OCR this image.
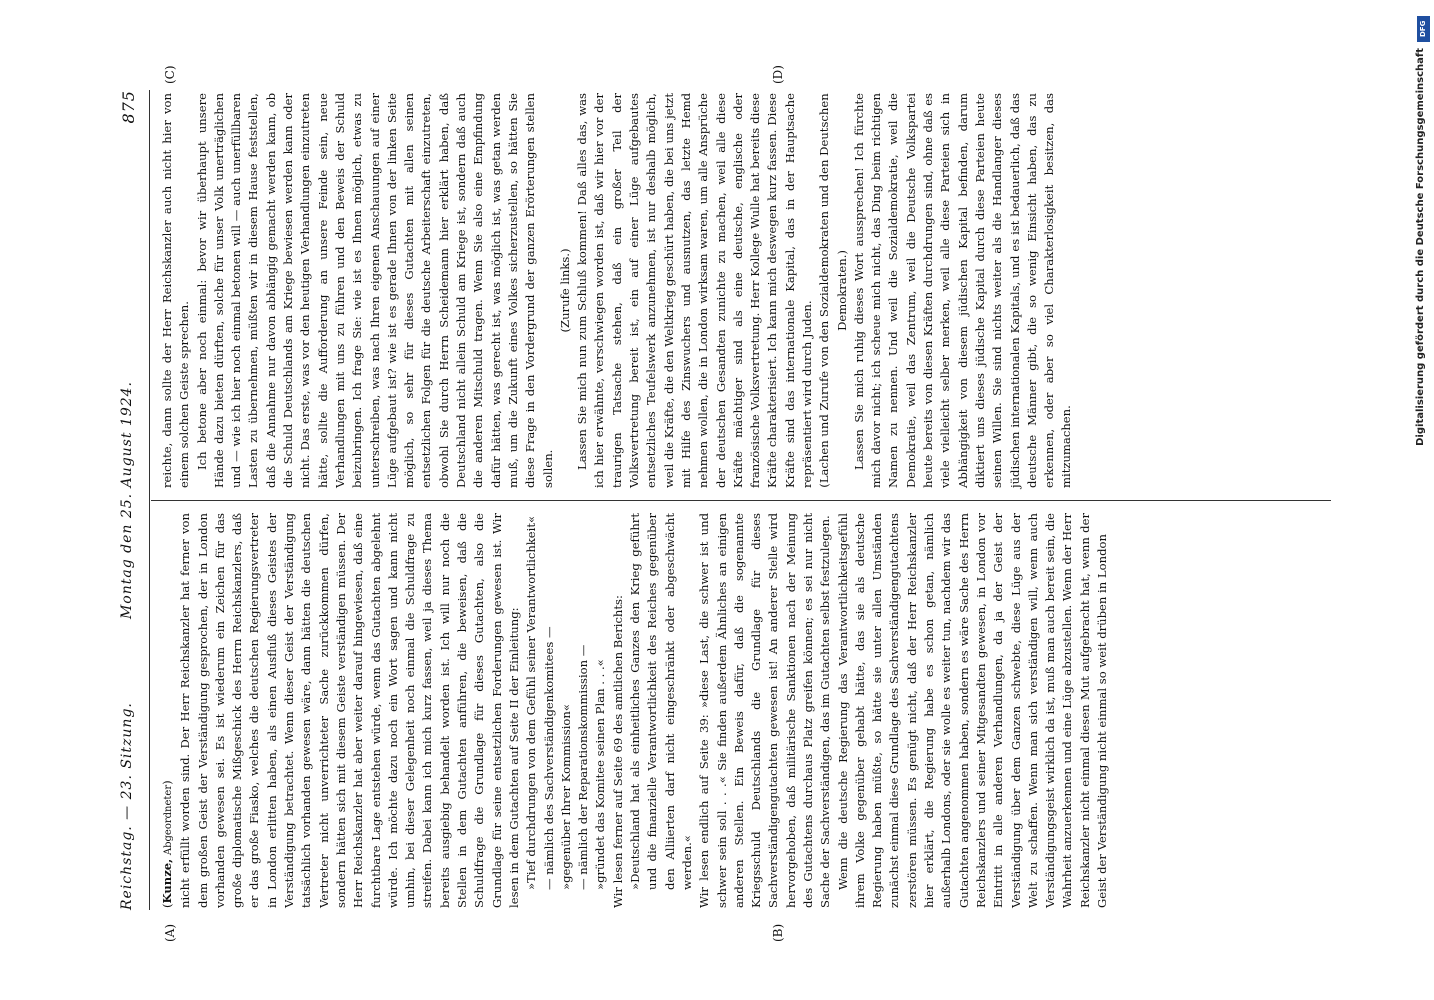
Reichstag. — 23. Sitzung.
Montag den 25. August 1924.
875
(A)	(B)
(C)	(D)

(Kunze, Abgeordneter) nicht erfüllt worden sind. Der Herr Reichskanzler hat ferner von dem großen Geist der Verständigung gesprochen, der in London vorhanden gewesen sei. Es ist wiederum ein Zeichen für das große diplomatische Mißgeschick des Herrn Reichskanzlers, daß er das große Fiasko, welches die deutschen Regierungsvertreter in London erlitten haben, als einen Ausfluß dieses Geistes der Verständigung betrachtet. Wenn dieser Geist der Verständigung tatsächlich vorhanden gewesen wäre, dann hätten die deutschen Vertreter nicht unverrichteter Sache zurückkommen dürfen, sondern hätten sich mit diesem Geiste verständigen müssen. Der Herr Reichskanzler hat aber weiter darauf hingewiesen, daß eine furchtbare Lage entstehen würde, wenn das Gutachten abgelehnt würde. Ich möchte dazu noch ein Wort sagen und kann nicht umhin, bei dieser Gelegenheit noch einmal die Schuldfrage zu streifen. Dabei kann ich mich kurz fassen, weil ja dieses Thema bereits ausgiebig behandelt worden ist. Ich will nur noch die Stellen in dem Gutachten anführen, die beweisen, daß die Schuldfrage die Grundlage für dieses Gutachten, also die Grundlage für seine entsetzlichen Forderungen gewesen ist. Wir lesen in dem Gutachten auf Seite II der Einleitung: »Tief durchdrungen von dem Gefühl seiner Verantwortlichkeit« — nämlich des Sachverständigenkomitees — »gegenüber Ihrer Kommission« — nämlich der Reparationskommission — »gründet das Komitee seinen Plan . . .« Wir lesen ferner auf Seite 69 des amtlichen Berichts: »Deutschland hat als einheitliches Ganzes den Krieg geführt und die finanzielle Verantwortlichkeit des Reiches gegenüber den Alliierten darf nicht eingeschränkt oder abgeschwächt werden.« Wir lesen endlich auf Seite 39: »diese Last, die schwer ist und schwer sein soll . . .« Sie finden außerdem Ähnliches an einigen anderen Stellen. Ein Beweis dafür, daß die sogenannte Kriegsschuld Deutschlands die Grundlage für dieses Sachverständigengutachten gewesen ist! An anderer Stelle wird hervorgehoben, daß militärische Sanktionen nach der Meinung des Gutachtens durchaus Platz greifen können; es sei nur nicht Sache der Sachverständigen, das im Gutachten selbst festzulegen. Wenn die deutsche Regierung das Verantwortlichkeitsgefühl ihrem Volke gegenüber gehabt hätte, das sie als deutsche Regierung haben müßte, so hätte sie unter allen Umständen zunächst einmal diese Grundlage des Sachverständigengutachtens zerstören müssen. Es genügt nicht, daß der Herr Reichskanzler hier erklärt, die Regierung habe es schon getan, nämlich außerhalb Londons, oder sie wolle es weiter tun, nachdem wir das Gutachten angenommen haben, sondern es wäre Sache des Herrn Reichskanzlers und seiner Mitgesandten gewesen, in London vor Eintritt in alle anderen Verhandlungen, da ja der Geist der Verständigung über dem Ganzen schwebte, diese Lüge aus der Welt zu schaffen. Wenn man sich verständigen will, wenn auch Verständigungsgeist wirklich da ist, muß man auch bereit sein, die Wahrheit anzuerkennen und eine Lüge abzustellen. Wenn der Herr Reichskanzler nicht einmal diesen Mut aufgebracht hat, wenn der Geist der Verständigung nicht einmal so weit drüben in London

reichte, dann sollte der Herr Reichskanzler auch nicht hier von einem solchen Geiste sprechen. Ich betone aber noch einmal: bevor wir überhaupt unsere Hände dazu bieten dürften, solche für unser Volk unerträglichen und — wie ich hier noch einmal betonen will — auch unerfüllbaren Lasten zu übernehmen, müßten wir in diesem Hause feststellen, daß die Annahme nur davon abhängig gemacht werden kann, ob die Schuld Deutschlands am Kriege bewiesen werden kann oder nicht. Das erste, was vor den heutigen Verhandlungen einzutreten hätte, sollte die Aufforderung an unsere Feinde sein, neue Verhandlungen mit uns zu führen und den Beweis der Schuld beizubringen. Ich frage Sie: wie ist es Ihnen möglich, etwas zu unterschreiben, was nach Ihren eigenen Anschauungen auf einer Lüge aufgebaut ist? wie ist es gerade Ihnen von der linken Seite möglich, so sehr für dieses Gutachten mit allen seinen entsetzlichen Folgen für die deutsche Arbeiterschaft einzutreten, obwohl Sie durch Herrn Scheidemann hier erklärt haben, daß Deutschland nicht allein Schuld am Kriege ist, sondern daß auch die anderen Mitschuld tragen. Wenn Sie also eine Empfindung dafür hätten, was gerecht ist, was möglich ist, was getan werden muß, um die Zukunft eines Volkes sicherzustellen, so hätten Sie diese Frage in den Vordergrund der ganzen Erörterungen stellen sollen.

(Zurufe links.) Lassen Sie mich nun zum Schluß kommen! Daß alles das, was ich hier erwähnte, verschwiegen worden ist, daß wir hier vor der traurigen Tatsache stehen, daß ein großer Teil der Volksvertretung bereit ist, ein auf einer Lüge aufgebautes entsetzliches Teufelswerk anzunehmen, ist nur deshalb möglich, weil die Kräfte, die den Weltkrieg geschürt haben, die bei uns jetzt mit Hilfe des Zinswuchers und ausnutzen, das letzte Hemd nehmen wollen, die in London wirksam waren, um alle Ansprüche der deutschen Gesandten zunichte zu machen, weil alle diese Kräfte mächtiger sind als eine deutsche, englische oder französische Volksvertretung. Herr Kollege Wulle hat bereits diese Kräfte charakterisiert. Ich kann mich deswegen kurz fassen. Diese Kräfte sind das internationale Kapital, das in der Hauptsache repräsentiert wird durch Juden. (Lachen und Zurufe von den Sozialdemokraten und den Deutschen Demokraten.) Lassen Sie mich ruhig dieses Wort aussprechen! Ich fürchte mich davor nicht; ich scheue mich nicht, das Ding beim richtigen Namen zu nennen. Und weil die Sozialdemokratie, weil die Demokratie, weil das Zentrum, weil die Deutsche Volkspartei heute bereits von diesen Kräften durchdrungen sind, ohne daß es viele vielleicht selber merken, weil alle diese Parteien sich in Abhängigkeit von diesem jüdischen Kapital befinden, darum diktiert uns dieses jüdische Kapital durch diese Parteien heute seinen Willen. Sie sind nichts weiter als die Handlanger dieses jüdischen internationalen Kapitals, und es ist bedauerlich, daß das deutsche Männer gibt, die so wenig Einsicht haben, das zu erkennen, oder aber so viel Charakterlosigkeit besitzen, das mitzumachen.

DFG
Digitalisierung gefördert durch die Deutsche Forschungsgemeinschaft
